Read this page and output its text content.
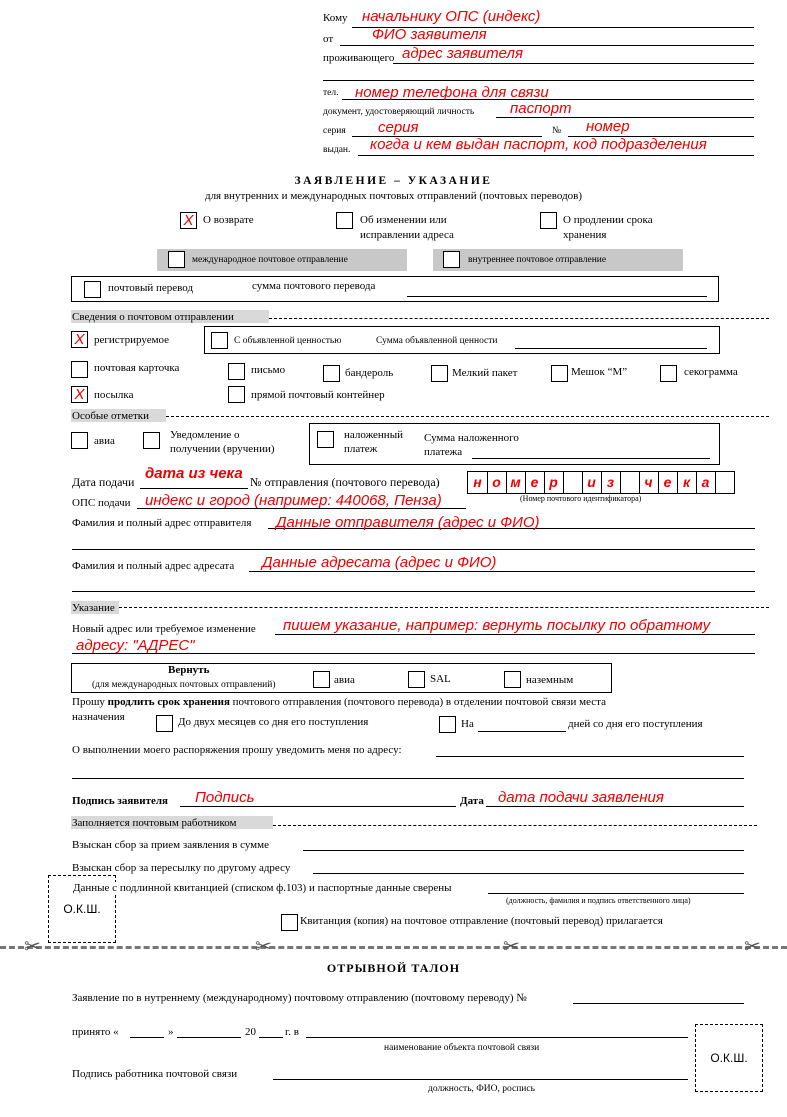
Кому начальнику ОПС (индекс)
от	ФИО заявителя
проживающего адрес заявителя
тел. номер телефона для связи
документ, удостоверяющий личность паспорт
серия серия	№ номер
выдан. когда и кем выдан паспорт, код подразделения
ЗАЯВЛЕНИЕ – УКАЗАНИЕ
для внутренних и международных почтовых отправлений (почтовых переводов)
X О возврате	Об изменении или
исправлении адреса
О продлении срока
хранения
международное почтовое отправление	внутреннее почтовое отправление
почтовый перевод	сумма почтового перевода
Сведения о почтовом отправлении
X регистрируемое	С объявленной ценностью	Сумма объявленной ценности
почтовая карточка	письмо	бандероль	Мелкий пакет	Мешок “М”	секограмма
X посылка	прямой почтовый контейнер
Особые отметки
авиа	Уведомление о
получении (вручении)
наложенный
платеж
Сумма наложенного
платежа
Дата подачи дата из чека № отправления (почтового перевода)	н о м е р	и з	ч е к а
(Номер почтового идентификатора)
ОПС подачи индекс и город (например: 440068, Пенза)
Фамилия и полный адрес отправителя Данные отправителя (адрес и ФИО)
Фамилия и полный адрес адресата Данные адресата (адрес и ФИО)
Указание
Новый адрес или требуемое изменение пишем указание, например: вернуть посылку по обратному
адресу: "АДРЕС"
Вернуть
(для международных почтовых отправлений)	авиа	SAL	наземным
Прошу продлить срок хранения почтового отправления (почтового перевода) в отделении почтовой связи места
назначения	До двух месяцев со дня его поступления	На	дней со дня его поступления
О выполнении моего распоряжения прошу уведомить меня по адресу:
Подпись заявителя Подпись	Дата дата подачи заявления
Заполняется почтовым работником
Взыскан сбор за прием заявления в сумме
Взыскан сбор за пересылку по другому адресу
О.К.Ш.
Данные с подлинной квитанцией (списком ф.103) и паспортные данные сверены
(должность, фамилия и подпись ответственного лица)
Квитанция (копия) на почтовое отправление (почтовый перевод) прилагается
✂	✂	✂	✂
ОТРЫВНОЙ ТАЛОН
Заявление по в нутреннему (международному) почтовому отправлению (почтовому переводу) №
принято «	»	20	г. в
наименование объекта почтовой связи
О.К.Ш.
Подпись работника почтовой связи
должность, ФИО, роспись
